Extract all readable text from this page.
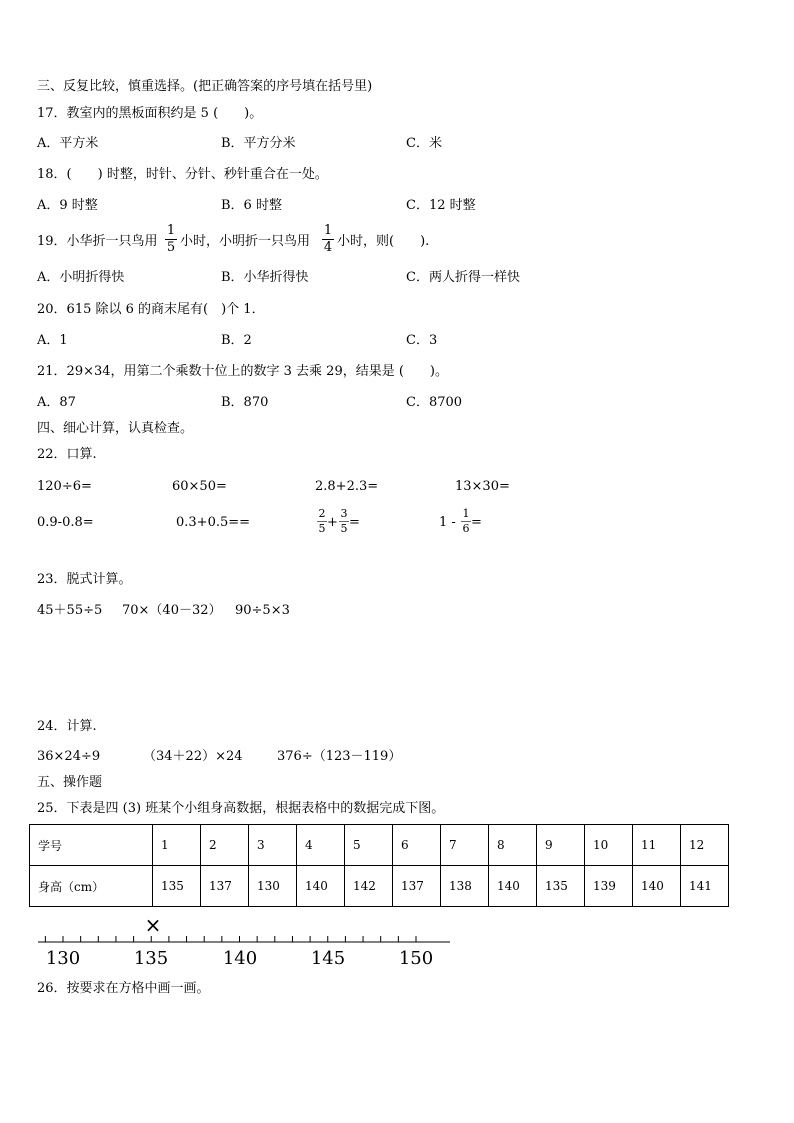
三、反复比较，慎重选择。(把正确答案的序号填在括号里)
17．教室内的黑板面积约是 5 (　　)。
A．平方米	B．平方分米	C．米
18．(　　) 时整，时针、分针、秒针重合在一处。
A．9 时整	B．6 时整	C．12 时整
19．小华折一只鸟用
1
5 小时，小明折一只鸟用
1
4 小时，则(　　).
A．小明折得快	B．小华折得快	C．两人折得一样快
20．615 除以 6 的商末尾有(　)个 1．
A．1	B．2	C．3
21．29×34，用第二个乘数十位上的数字 3 去乘 29，结果是 (　　)。
A．87	B．870	C．8700
四、细心计算，认真检查。
22．口算.
120÷6=	60×50=	2.8+2.3=	13×30=
0.9-0.8=	0.3+0.5==
2
5 +
3
5 =	1 -
1
6 =
23．脱式计算。
45＋55÷5 70×（40－32） 90÷5×3
24．计算.
36×24÷9	（34＋22）×24	376÷（123－119）
五、操作题
25．下表是四 (3) 班某个小组身高数据，根据表格中的数据完成下图。
学号	1	2	3	4	5	6	7	8	9	10	11	12
身高（cm）	135	137	130	140	142	137	138	140	135	139	140	141
×
130	135	140	145	150
26．按要求在方格中画一画。
